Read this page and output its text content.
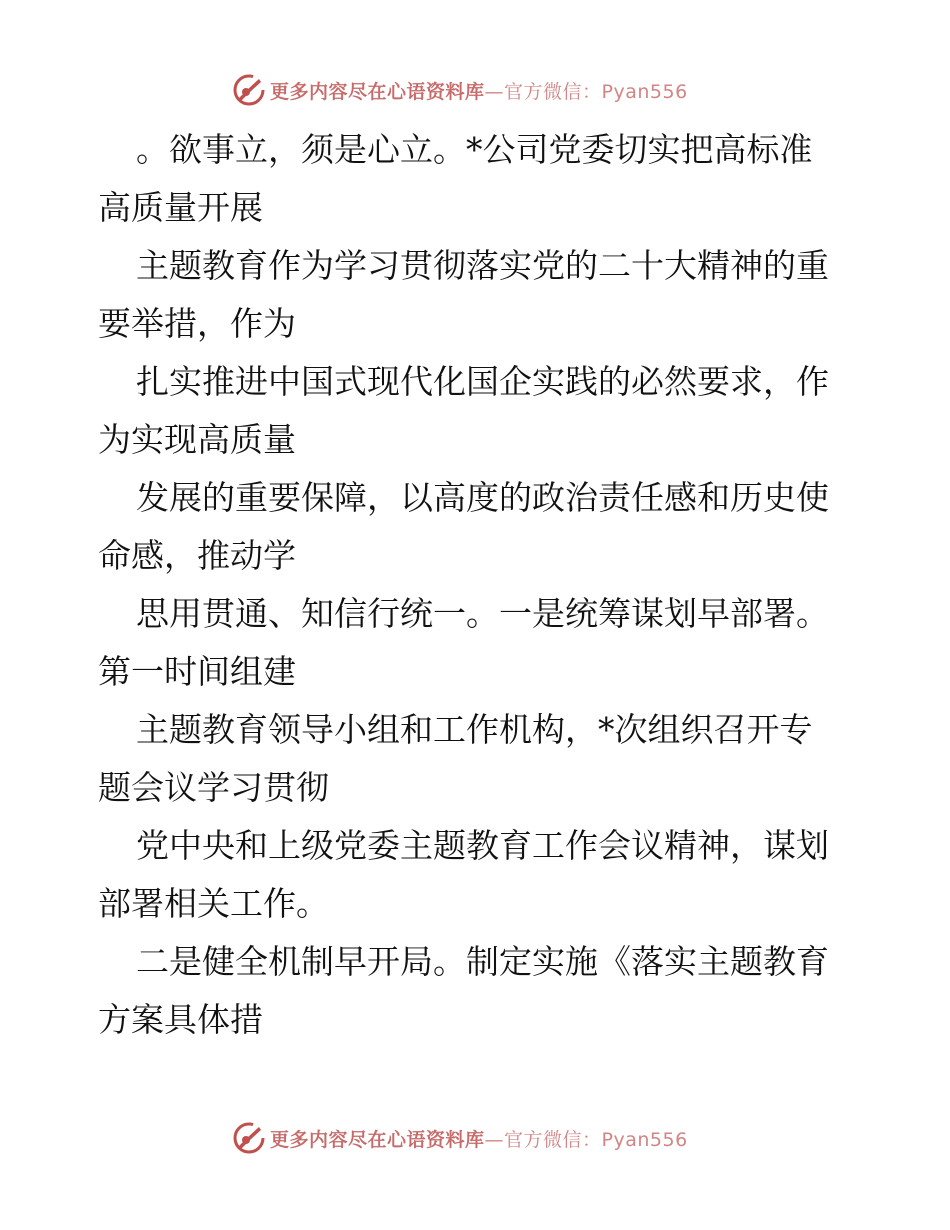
更多内容尽在心语资料库—官方微信：Pyan556

。欲事立，须是心立。*公司党委切实把高标准
高质量开展

主题教育作为学习贯彻落实党的二十大精神的重
要举措，作为

扎实推进中国式现代化国企实践的必然要求，作
为实现高质量

发展的重要保障，以高度的政治责任感和历史使
命感，推动学

思用贯通、知信行统一。一是统筹谋划早部署。
第一时间组建

主题教育领导小组和工作机构，*次组织召开专
题会议学习贯彻

党中央和上级党委主题教育工作会议精神，谋划
部署相关工作。

二是健全机制早开局。制定实施《落实主题教育
方案具体措

更多内容尽在心语资料库—官方微信：Pyan556
